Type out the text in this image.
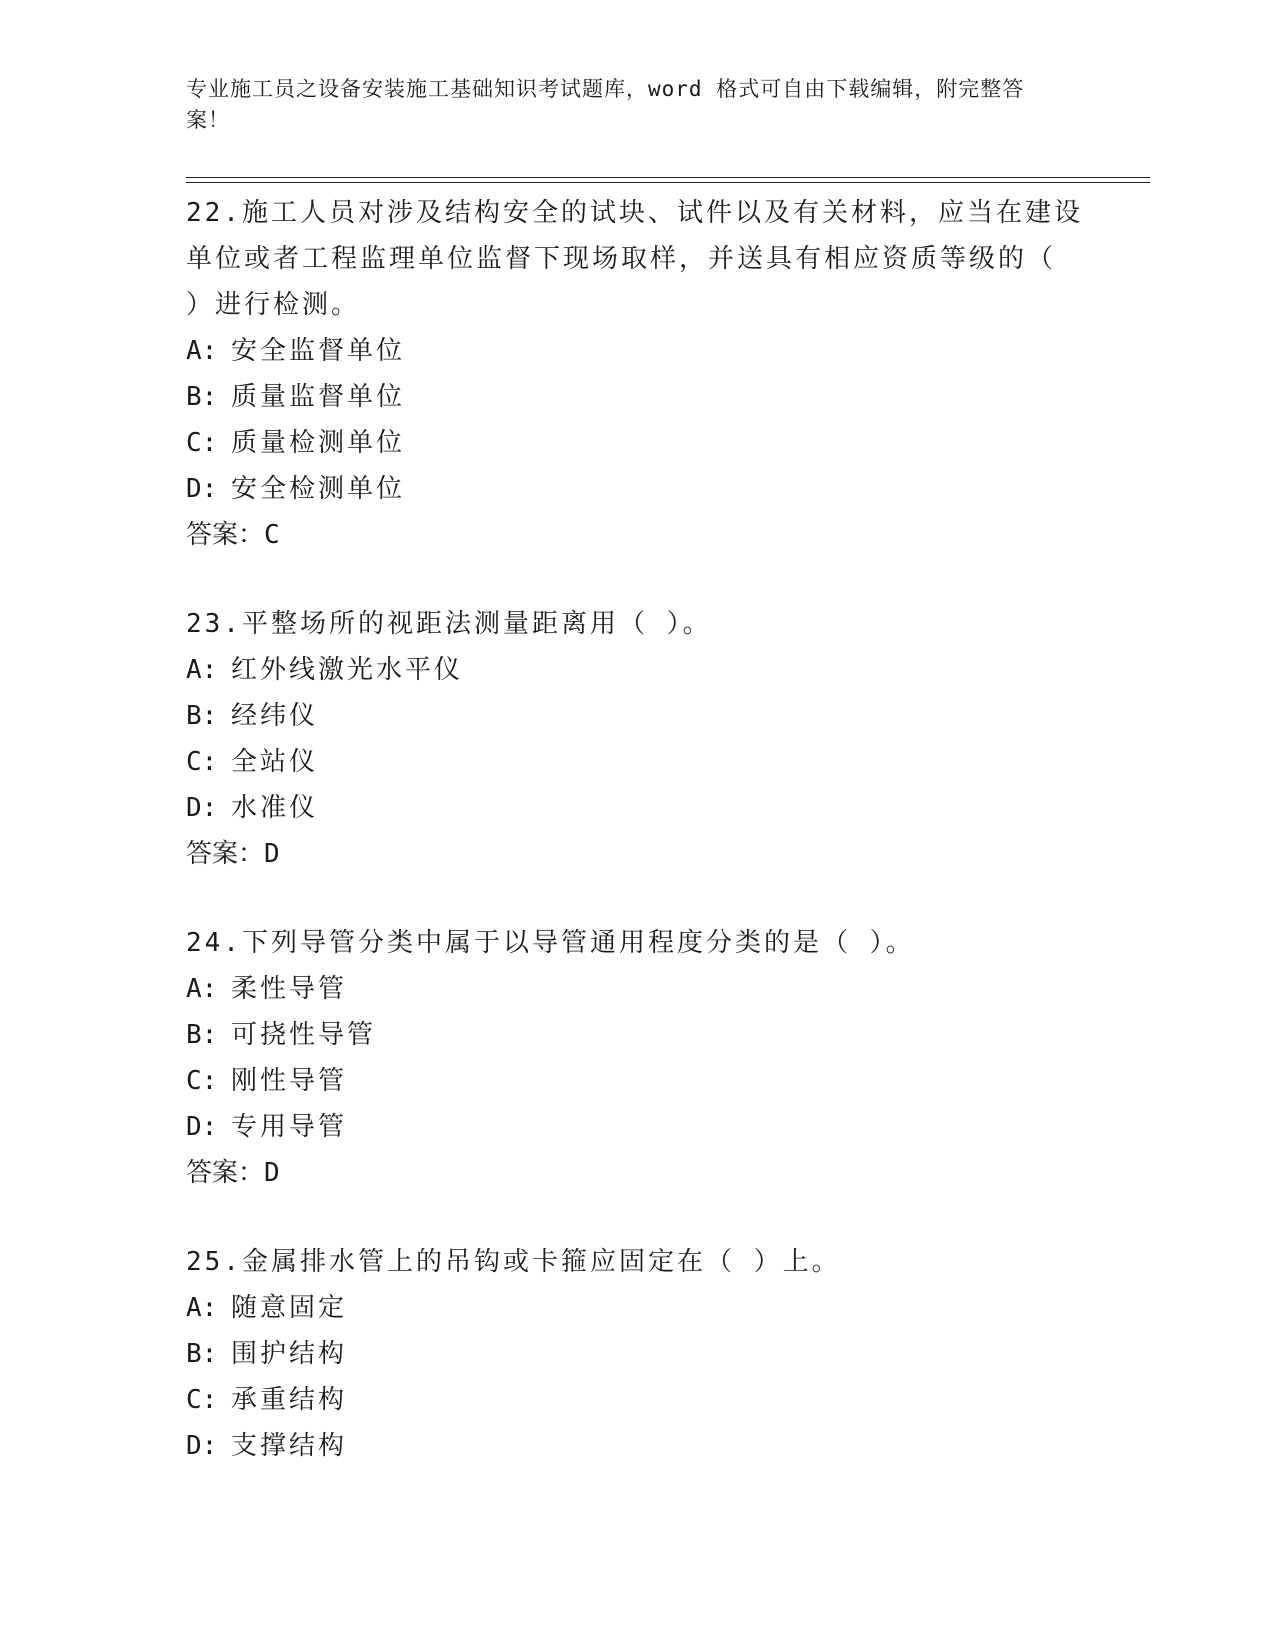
专业施工员之设备安装施工基础知识考试题库，word 格式可自由下载编辑，附完整答案！

22.施工人员对涉及结构安全的试块、试件以及有关材料，应当在建设单位或者工程监理单位监督下现场取样，并送具有相应资质等级的（ ）进行检测。

A: 安全监督单位
B: 质量监督单位
C: 质量检测单位
D: 安全检测单位
答案：C

23.平整场所的视距法测量距离用（ ）。

A: 红外线激光水平仪
B: 经纬仪
C: 全站仪
D: 水准仪
答案：D

24.下列导管分类中属于以导管通用程度分类的是（ ）。

A: 柔性导管
B: 可挠性导管
C: 刚性导管
D: 专用导管
答案：D

25.金属排水管上的吊钩或卡箍应固定在（ ）上。

A: 随意固定
B: 围护结构
C: 承重结构
D: 支撑结构
